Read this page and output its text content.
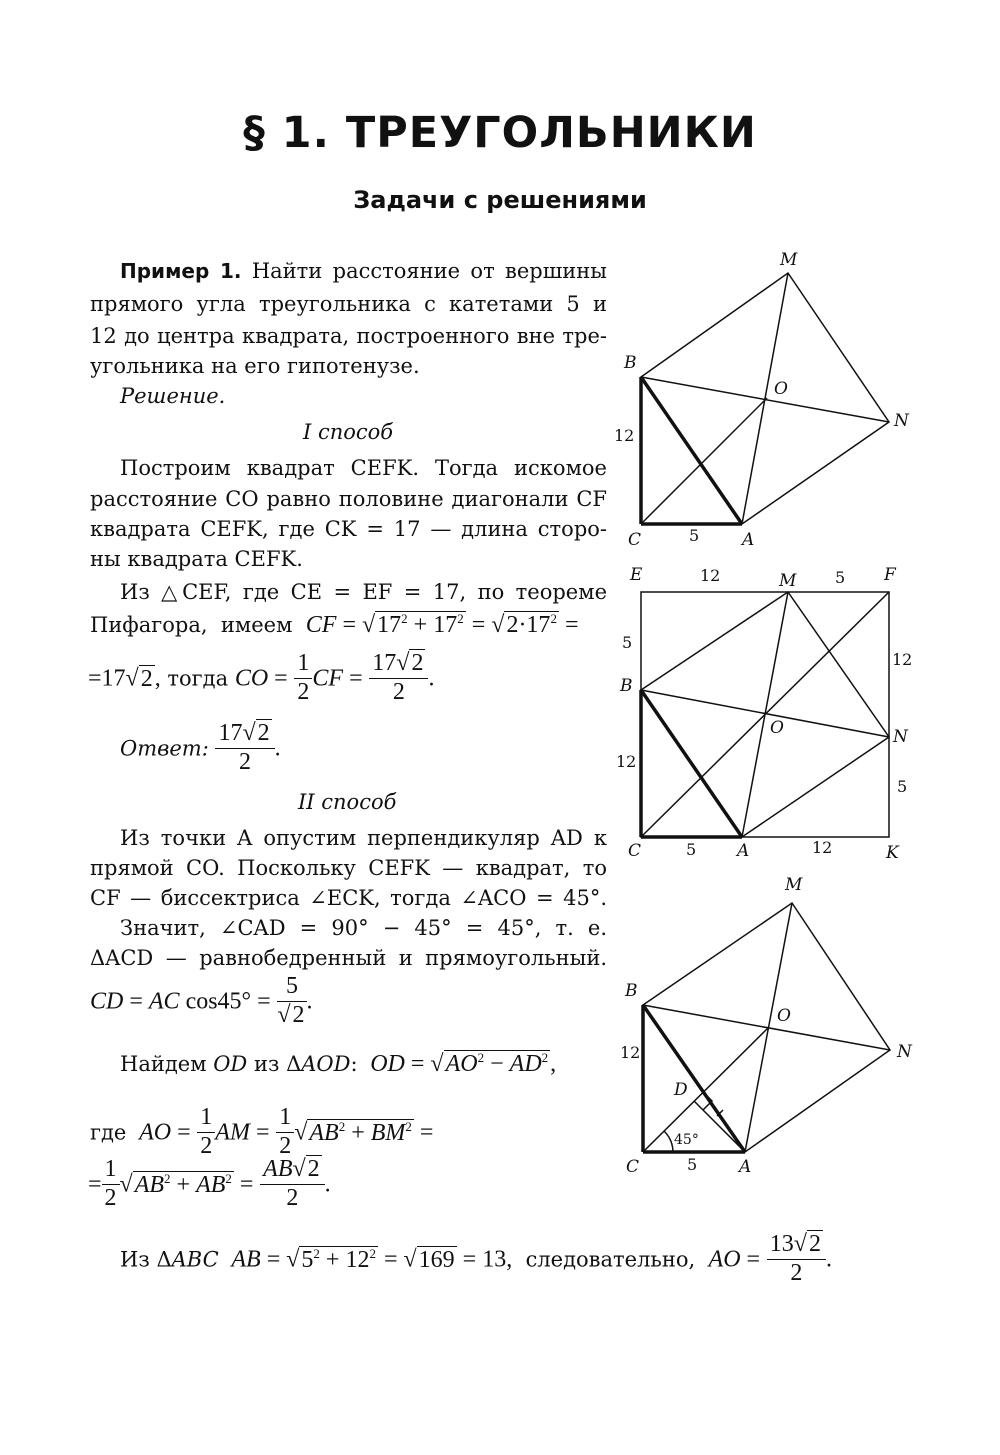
§ 1. ТРЕУГОЛЬНИКИ
Задачи с решениями
Пример 1. Найти расстояние от вершины
прямого угла треугольника с катетами 5 и
12 до центра квадрата, построенного вне тре-
угольника на его гипотенузе.
Решение.
I способ
Построим квадрат CEFK. Тогда искомое
расстояние CO равно половине диагонали CF
квадрата CEFK, где CK = 17 — длина сторо-
ны квадрата CEFK.
Из △CEF, где CE = EF = 17, по теореме
Пифагора,  имеем  CF = $√17^2 + 17^2 = √2\cdot 17^2$ =
=17√2, тогда CO = $\frac{1}{2}$ CF = $\frac{17√2}{2}$ .
Ответ: $\frac{17√2}{2}$ .
II способ
Из точки A опустим перпендикуляр AD к
прямой CO. Поскольку CEFK — квадрат, то
CF — биссектриса ∠ECK, тогда ∠ACO = 45°.
Значит, ∠CAD = 90° − 45° = 45°, т. е.
ΔACD — равнобедренный и прямоугольный.
CD = AC $\cos 45^\circ = \frac{5}{√2}$ .
Найдем OD из ΔAOD: OD = $√AO^2 - AD^2$,
где AO = $\frac{1}{2}$ AM = $\frac{1}{2} √AB^2 + BM^2$ =
= $\frac{1}{2} √AB^2 + AB^2 = \frac{AB√2}{2}$ .
Из ΔABC AB = $√5^2 + 12^2 = √169 = 13$,  следовательно,  AO = $\frac{13√2}{2}$ .
M
B
O
N
C	A
12
5
E	M	F
B
O	N
C	A	K
12	5
5
12
12
5
5	12
M
B
O
N
D
C	A
12
5
45°
